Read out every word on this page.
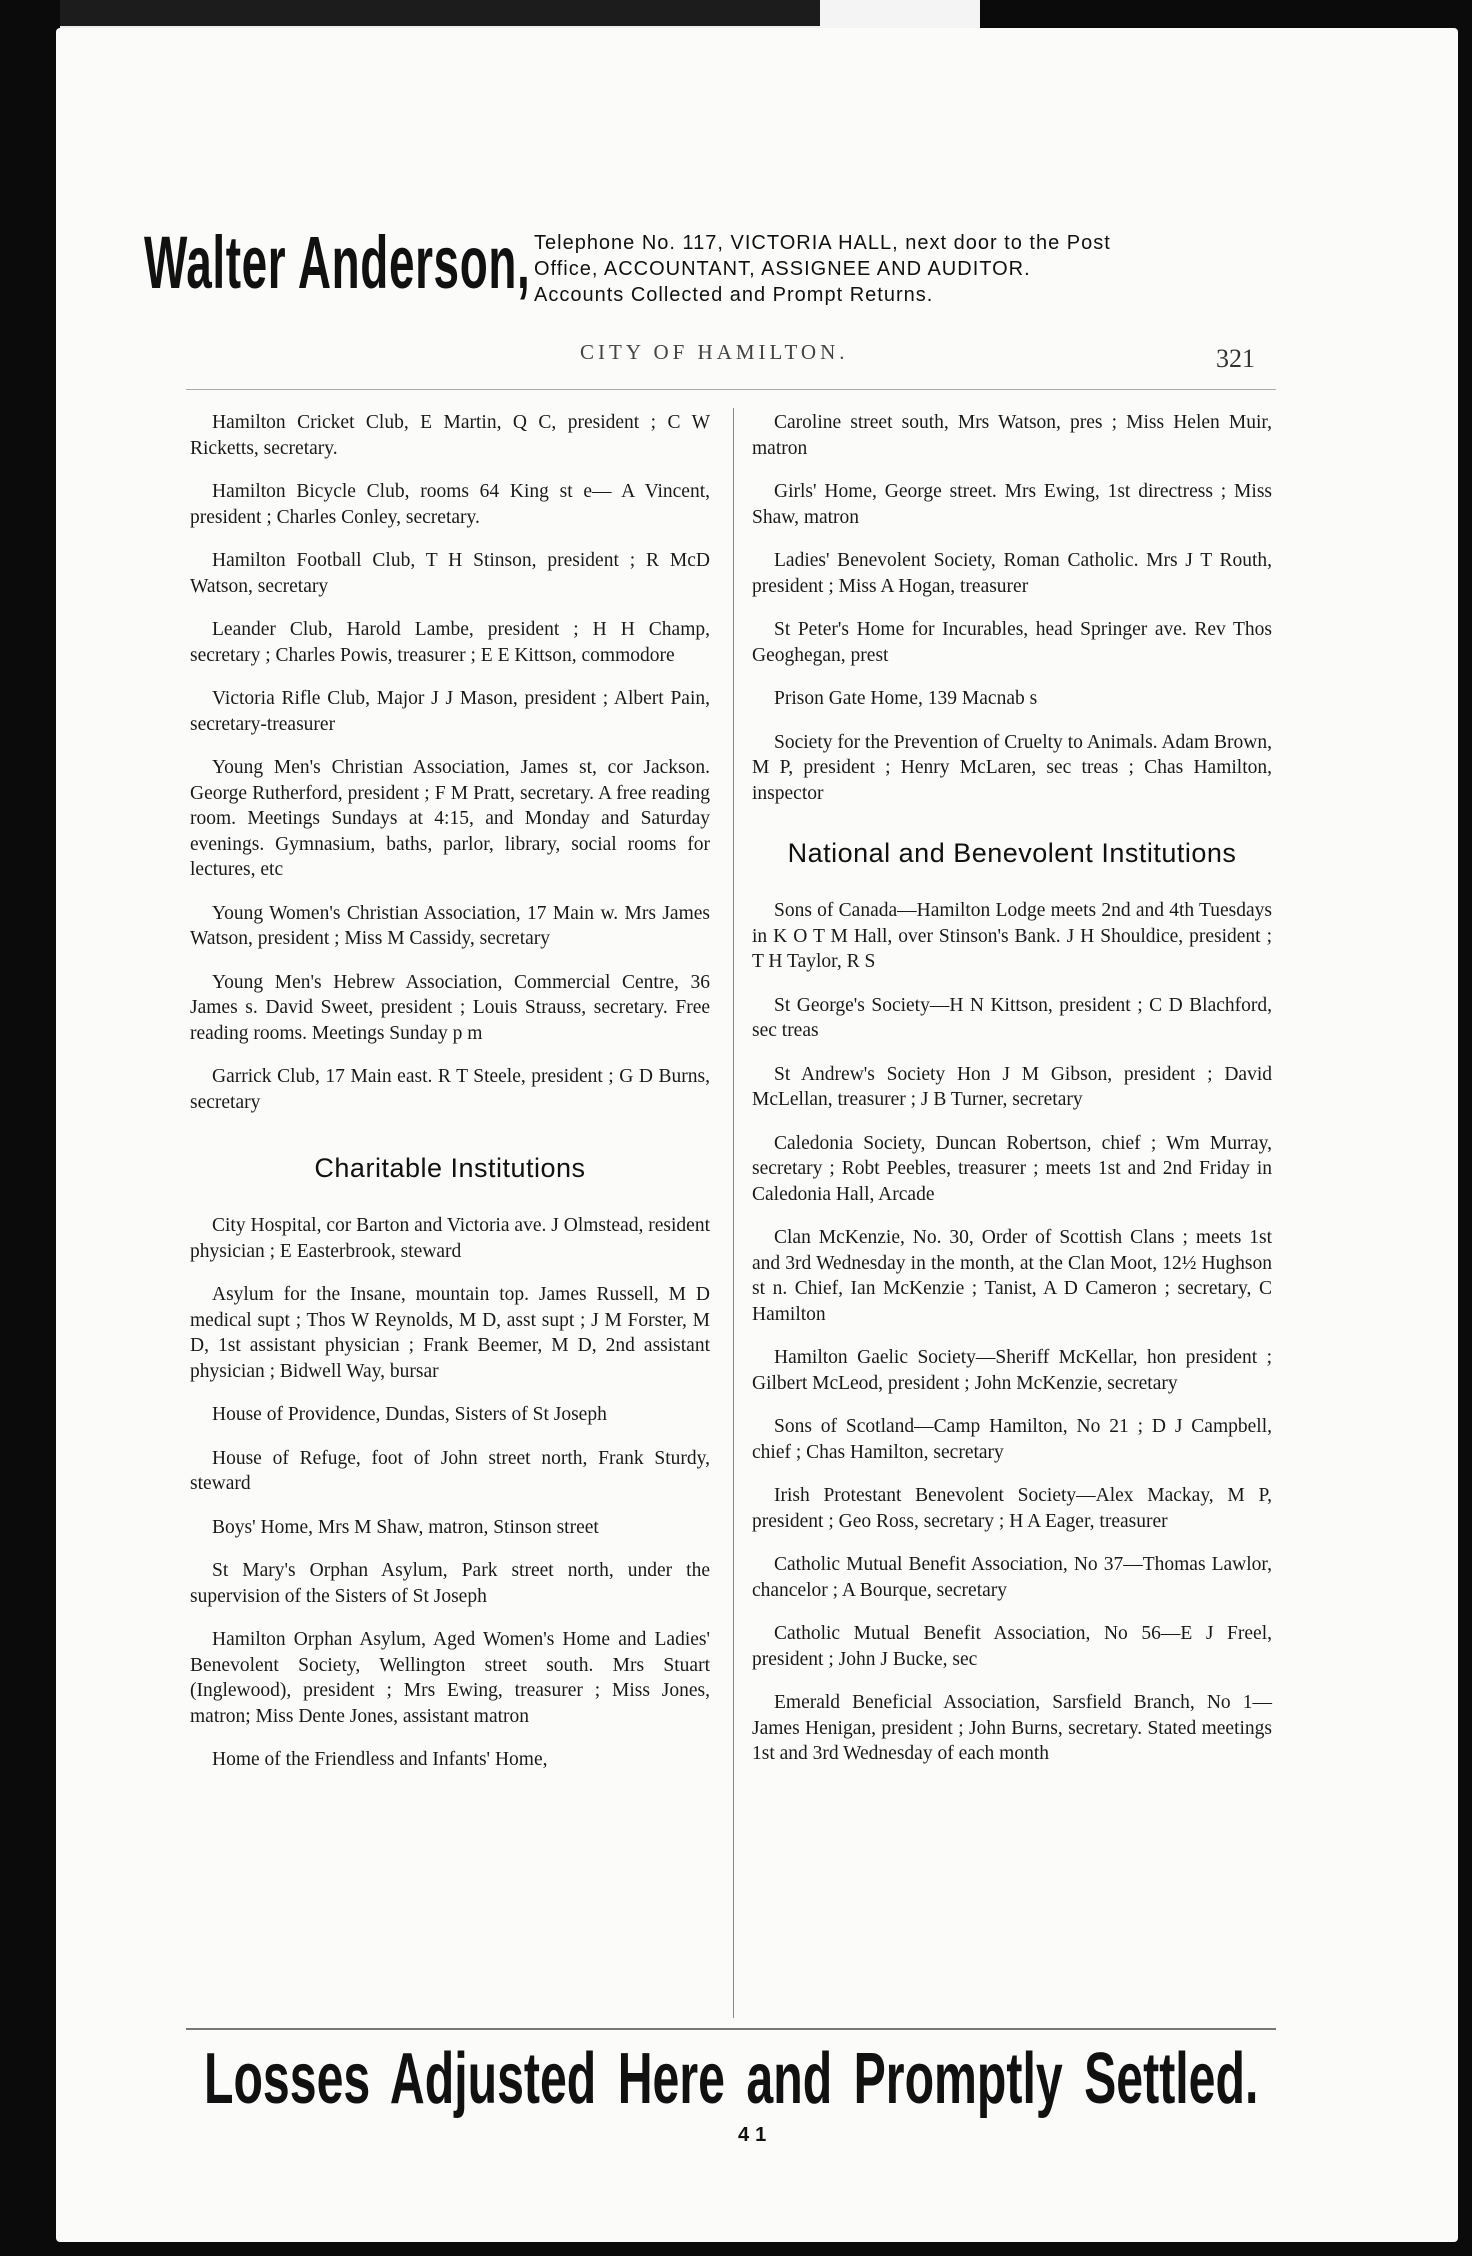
Walter Anderson, Telephone No. 117, VICTORIA HALL, next door to the Post
Office, ACCOUNTANT, ASSIGNEE AND AUDITOR.
Accounts Collected and Prompt Returns.
CITY OF HAMILTON.	321

Hamilton Cricket Club, E Martin, Q C, president ; C W Ricketts, secretary.

Hamilton Bicycle Club, rooms 64 King st e— A Vincent, president ; Charles Conley, secretary.

Hamilton Football Club, T H Stinson, president ; R McD Watson, secretary

Leander Club, Harold Lambe, president ; H H Champ, secretary ; Charles Powis, treasurer ; E E Kittson, commodore

Victoria Rifle Club, Major J J Mason, president ; Albert Pain, secretary-treasurer

Young Men's Christian Association, James st, cor Jackson. George Rutherford, president ; F M Pratt, secretary. A free reading room. Meetings Sundays at 4:15, and Monday and Saturday evenings. Gymnasium, baths, parlor, library, social rooms for lectures, etc

Young Women's Christian Association, 17 Main w. Mrs James Watson, president ; Miss M Cassidy, secretary

Young Men's Hebrew Association, Commercial Centre, 36 James s. David Sweet, president ; Louis Strauss, secretary. Free reading rooms. Meetings Sunday p m

Garrick Club, 17 Main east. R T Steele, president ; G D Burns, secretary

Charitable Institutions

City Hospital, cor Barton and Victoria ave. J Olmstead, resident physician ; E Easterbrook, steward

Asylum for the Insane, mountain top. James Russell, M D medical supt ; Thos W Reynolds, M D, asst supt ; J M Forster, M D, 1st assistant physician ; Frank Beemer, M D, 2nd assistant physician ; Bidwell Way, bursar

House of Providence, Dundas, Sisters of St Joseph

House of Refuge, foot of John street north, Frank Sturdy, steward

Boys' Home, Mrs M Shaw, matron, Stinson street

St Mary's Orphan Asylum, Park street north, under the supervision of the Sisters of St Joseph

Hamilton Orphan Asylum, Aged Women's Home and Ladies' Benevolent Society, Wellington street south. Mrs Stuart (Inglewood), president ; Mrs Ewing, treasurer ; Miss Jones, matron; Miss Dente Jones, assistant matron

Home of the Friendless and Infants' Home,

Caroline street south, Mrs Watson, pres ; Miss Helen Muir, matron

Girls' Home, George street. Mrs Ewing, 1st directress ; Miss Shaw, matron

Ladies' Benevolent Society, Roman Catholic. Mrs J T Routh, president ; Miss A Hogan, treasurer

St Peter's Home for Incurables, head Springer ave. Rev Thos Geoghegan, prest

Prison Gate Home, 139 Macnab s

Society for the Prevention of Cruelty to Animals. Adam Brown, M P, president ; Henry McLaren, sec treas ; Chas Hamilton, inspector

National and Benevolent Institutions

Sons of Canada—Hamilton Lodge meets 2nd and 4th Tuesdays in K O T M Hall, over Stinson's Bank. J H Shouldice, president ; T H Taylor, R S

St George's Society—H N Kittson, president ; C D Blachford, sec treas

St Andrew's Society Hon J M Gibson, president ; David McLellan, treasurer ; J B Turner, secretary

Caledonia Society, Duncan Robertson, chief ; Wm Murray, secretary ; Robt Peebles, treasurer ; meets 1st and 2nd Friday in Caledonia Hall, Arcade

Clan McKenzie, No. 30, Order of Scottish Clans ; meets 1st and 3rd Wednesday in the month, at the Clan Moot, 12½ Hughson st n. Chief, Ian McKenzie ; Tanist, A D Cameron ; secretary, C Hamilton

Hamilton Gaelic Society—Sheriff McKellar, hon president ; Gilbert McLeod, president ; John McKenzie, secretary

Sons of Scotland—Camp Hamilton, No 21 ; D J Campbell, chief ; Chas Hamilton, secretary

Irish Protestant Benevolent Society—Alex Mackay, M P, president ; Geo Ross, secretary ; H A Eager, treasurer

Catholic Mutual Benefit Association, No 37—Thomas Lawlor, chancelor ; A Bourque, secretary

Catholic Mutual Benefit Association, No 56—E J Freel, president ; John J Bucke, sec

Emerald Beneficial Association, Sarsfield Branch, No 1—James Henigan, president ; John Burns, secretary. Stated meetings 1st and 3rd Wednesday of each month

Losses Adjusted Here and Promptly Settled.
41
